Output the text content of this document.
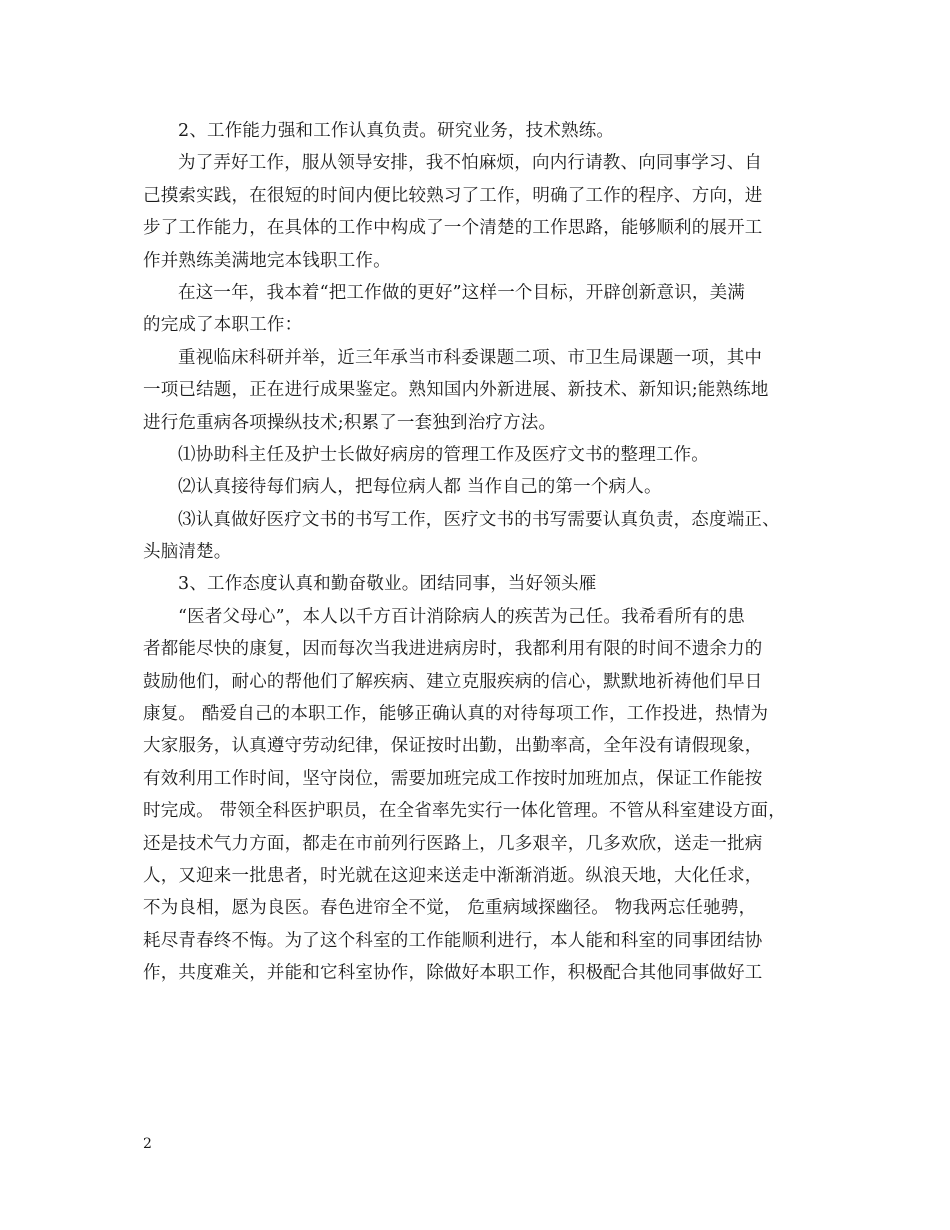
2、工作能力强和工作认真负责。研究业务，技术熟练。
为了弄好工作，服从领导安排，我不怕麻烦，向内行请教、向同事学习、自
己摸索实践，在很短的时间内便比较熟习了工作，明确了工作的程序、方向，进
步了工作能力，在具体的工作中构成了一个清楚的工作思路，能够顺利的展开工
作并熟练美满地完本钱职工作。
在这一年，我本着“把工作做的更好”这样一个目标，开辟创新意识，美满
的完成了本职工作：
重视临床科研并举，近三年承当市科委课题二项、市卫生局课题一项，其中
一项已结题，正在进行成果鉴定。熟知国内外新进展、新技术、新知识;能熟练地
进行危重病各项操纵技术;积累了一套独到治疗方法。
⑴协助科主任及护士长做好病房的管理工作及医疗文书的整理工作。
⑵认真接待每们病人，把每位病人都 当作自己的第一个病人。
⑶认真做好医疗文书的书写工作，医疗文书的书写需要认真负责，态度端正、
头脑清楚。
3、工作态度认真和勤奋敬业。团结同事，当好领头雁
“医者父母心”，本人以千方百计消除病人的疾苦为己任。我希看所有的患
者都能尽快的康复，因而每次当我进进病房时，我都利用有限的时间不遗余力的
鼓励他们，耐心的帮他们了解疾病、建立克服疾病的信心，默默地祈祷他们早日
康复。 酷爱自己的本职工作，能够正确认真的对待每项工作，工作投进，热情为
大家服务，认真遵守劳动纪律，保证按时出勤，出勤率高，全年没有请假现象，
有效利用工作时间，坚守岗位，需要加班完成工作按时加班加点，保证工作能按
时完成。 带领全科医护职员，在全省率先实行一体化管理。不管从科室建设方面，
还是技术气力方面，都走在市前列行医路上，几多艰辛，几多欢欣，送走一批病
人，又迎来一批患者，时光就在这迎来送走中渐渐消逝。纵浪天地，大化任求，
不为良相，愿为良医。春色进帘全不觉， 危重病域探幽径。 物我两忘任驰骋，
耗尽青春终不悔。为了这个科室的工作能顺利进行，本人能和科室的同事团结协
作，共度难关，并能和它科室协作，除做好本职工作，积极配合其他同事做好工
2
